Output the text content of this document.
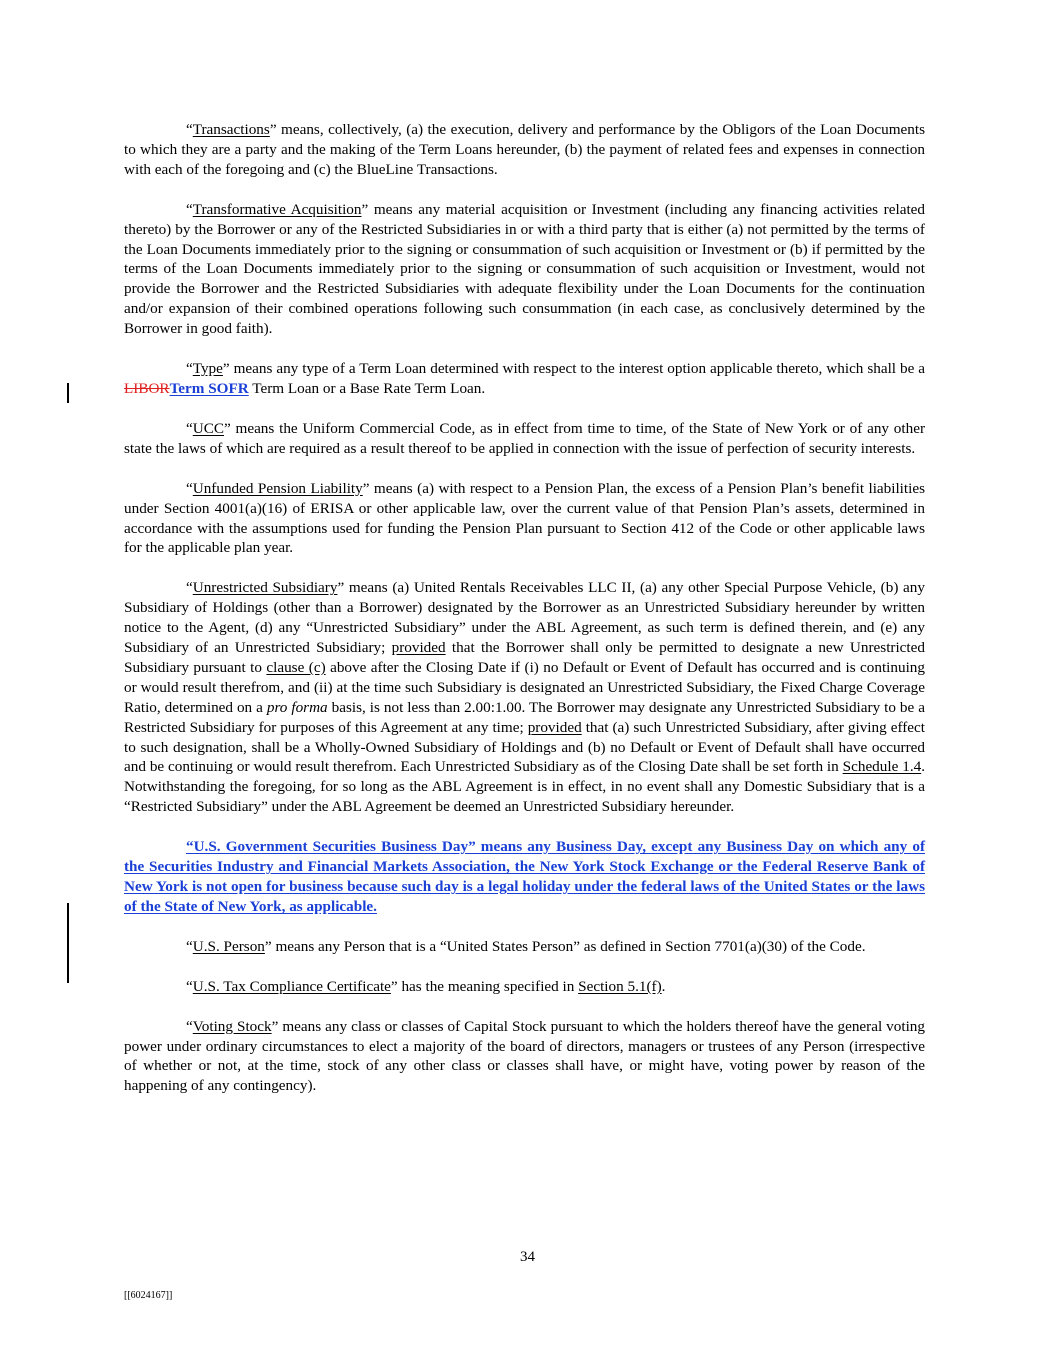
“Transactions” means, collectively, (a) the execution, delivery and performance by the Obligors of the Loan Documents to which they are a party and the making of the Term Loans hereunder, (b) the payment of related fees and expenses in connection with each of the foregoing and (c) the BlueLine Transactions.

“Transformative Acquisition” means any material acquisition or Investment (including any financing activities related thereto) by the Borrower or any of the Restricted Subsidiaries in or with a third party that is either (a) not permitted by the terms of the Loan Documents immediately prior to the signing or consummation of such acquisition or Investment or (b) if permitted by the terms of the Loan Documents immediately prior to the signing or consummation of such acquisition or Investment, would not provide the Borrower and the Restricted Subsidiaries with adequate flexibility under the Loan Documents for the continuation and/or expansion of their combined operations following such consummation (in each case, as conclusively determined by the Borrower in good faith).

“Type” means any type of a Term Loan determined with respect to the interest option applicable thereto, which shall be a LIBORTerm SOFR Term Loan or a Base Rate Term Loan.

“UCC” means the Uniform Commercial Code, as in effect from time to time, of the State of New York or of any other state the laws of which are required as a result thereof to be applied in connection with the issue of perfection of security interests.

“Unfunded Pension Liability” means (a) with respect to a Pension Plan, the excess of a Pension Plan’s benefit liabilities under Section 4001(a)(16) of ERISA or other applicable law, over the current value of that Pension Plan’s assets, determined in accordance with the assumptions used for funding the Pension Plan pursuant to Section 412 of the Code or other applicable laws for the applicable plan year.

“Unrestricted Subsidiary” means (a) United Rentals Receivables LLC II, (a) any other Special Purpose Vehicle, (b) any Subsidiary of Holdings (other than a Borrower) designated by the Borrower as an Unrestricted Subsidiary hereunder by written notice to the Agent, (d) any “Unrestricted Subsidiary” under the ABL Agreement, as such term is defined therein, and (e) any Subsidiary of an Unrestricted Subsidiary; provided that the Borrower shall only be permitted to designate a new Unrestricted Subsidiary pursuant to clause (c) above after the Closing Date if (i) no Default or Event of Default has occurred and is continuing or would result therefrom, and (ii) at the time such Subsidiary is designated an Unrestricted Subsidiary, the Fixed Charge Coverage Ratio, determined on a pro forma basis, is not less than 2.00:1.00. The Borrower may designate any Unrestricted Subsidiary to be a Restricted Subsidiary for purposes of this Agreement at any time; provided that (a) such Unrestricted Subsidiary, after giving effect to such designation, shall be a Wholly-Owned Subsidiary of Holdings and (b) no Default or Event of Default shall have occurred and be continuing or would result therefrom. Each Unrestricted Subsidiary as of the Closing Date shall be set forth in Schedule 1.4. Notwithstanding the foregoing, for so long as the ABL Agreement is in effect, in no event shall any Domestic Subsidiary that is a “Restricted Subsidiary” under the ABL Agreement be deemed an Unrestricted Subsidiary hereunder.

“U.S. Government Securities Business Day” means any Business Day, except any Business Day on which any of the Securities Industry and Financial Markets Association, the New York Stock Exchange or the Federal Reserve Bank of New York is not open for business because such day is a legal holiday under the federal laws of the United States or the laws of the State of New York, as applicable.

“U.S. Person” means any Person that is a “United States Person” as defined in Section 7701(a)(30) of the Code.

“U.S. Tax Compliance Certificate” has the meaning specified in Section 5.1(f).

“Voting Stock” means any class or classes of Capital Stock pursuant to which the holders thereof have the general voting power under ordinary circumstances to elect a majority of the board of directors, managers or trustees of any Person (irrespective of whether or not, at the time, stock of any other class or classes shall have, or might have, voting power by reason of the happening of any contingency).

34
[[6024167]]
